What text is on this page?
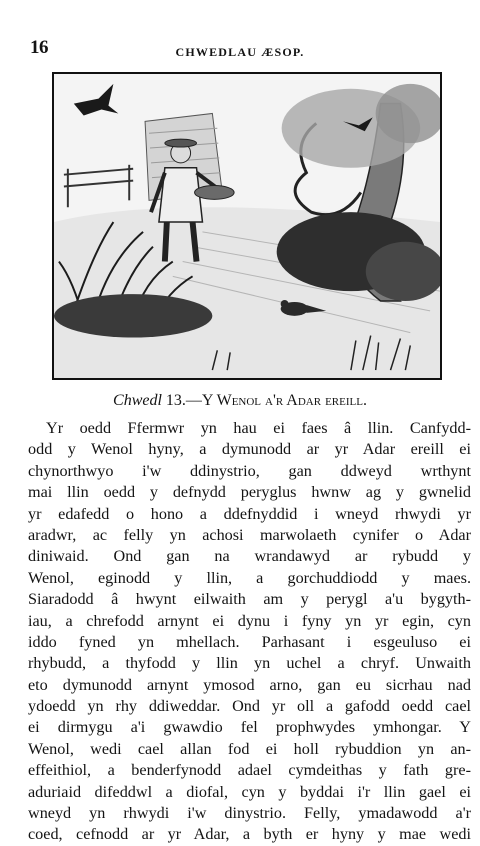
16	CHWEDLAU ÆSOP.
Chwedl 13.—Y Wenol a'r Adar ereill.
Yr oedd Ffermwr yn hau ei faes â llin. Canfydd-
odd y Wenol hyny, a dymunodd ar yr Adar ereill ei
chynorthwyo i'w ddinystrio, gan ddweyd wrthynt
mai llin oedd y defnydd peryglus hwnw ag y gwnelid
yr edafedd o hono a ddefnyddid i wneyd rhwydi yr
aradwr, ac felly yn achosi marwolaeth cynifer o Adar
diniwaid. Ond gan na wrandawyd ar rybudd y
Wenol, eginodd y llin, a gorchuddiodd y maes.
Siaradodd â hwynt eilwaith am y perygl a'u bygyth-
iau, a chrefodd arnynt ei dynu i fyny yn yr egin, cyn
iddo fyned yn mhellach. Parhasant i esgeuluso ei
rhybudd, a thyfodd y llin yn uchel a chryf. Unwaith
eto dymunodd arnynt ymosod arno, gan eu sicrhau nad
ydoedd yn rhy ddiweddar. Ond yr oll a gafodd oedd cael
ei dirmygu a'i gwawdio fel prophwydes ymhongar. Y
Wenol, wedi cael allan fod ei holl rybuddion yn an-
effeithiol, a benderfynodd adael cymdeithas y fath gre-
aduriaid difeddwl a diofal, cyn y byddai i'r llin gael ei
wneyd yn rhwydi i'w dinystrio. Felly, ymadawodd a'r
coed, cefnodd ar yr Adar, a byth er hyny y mae wedi
